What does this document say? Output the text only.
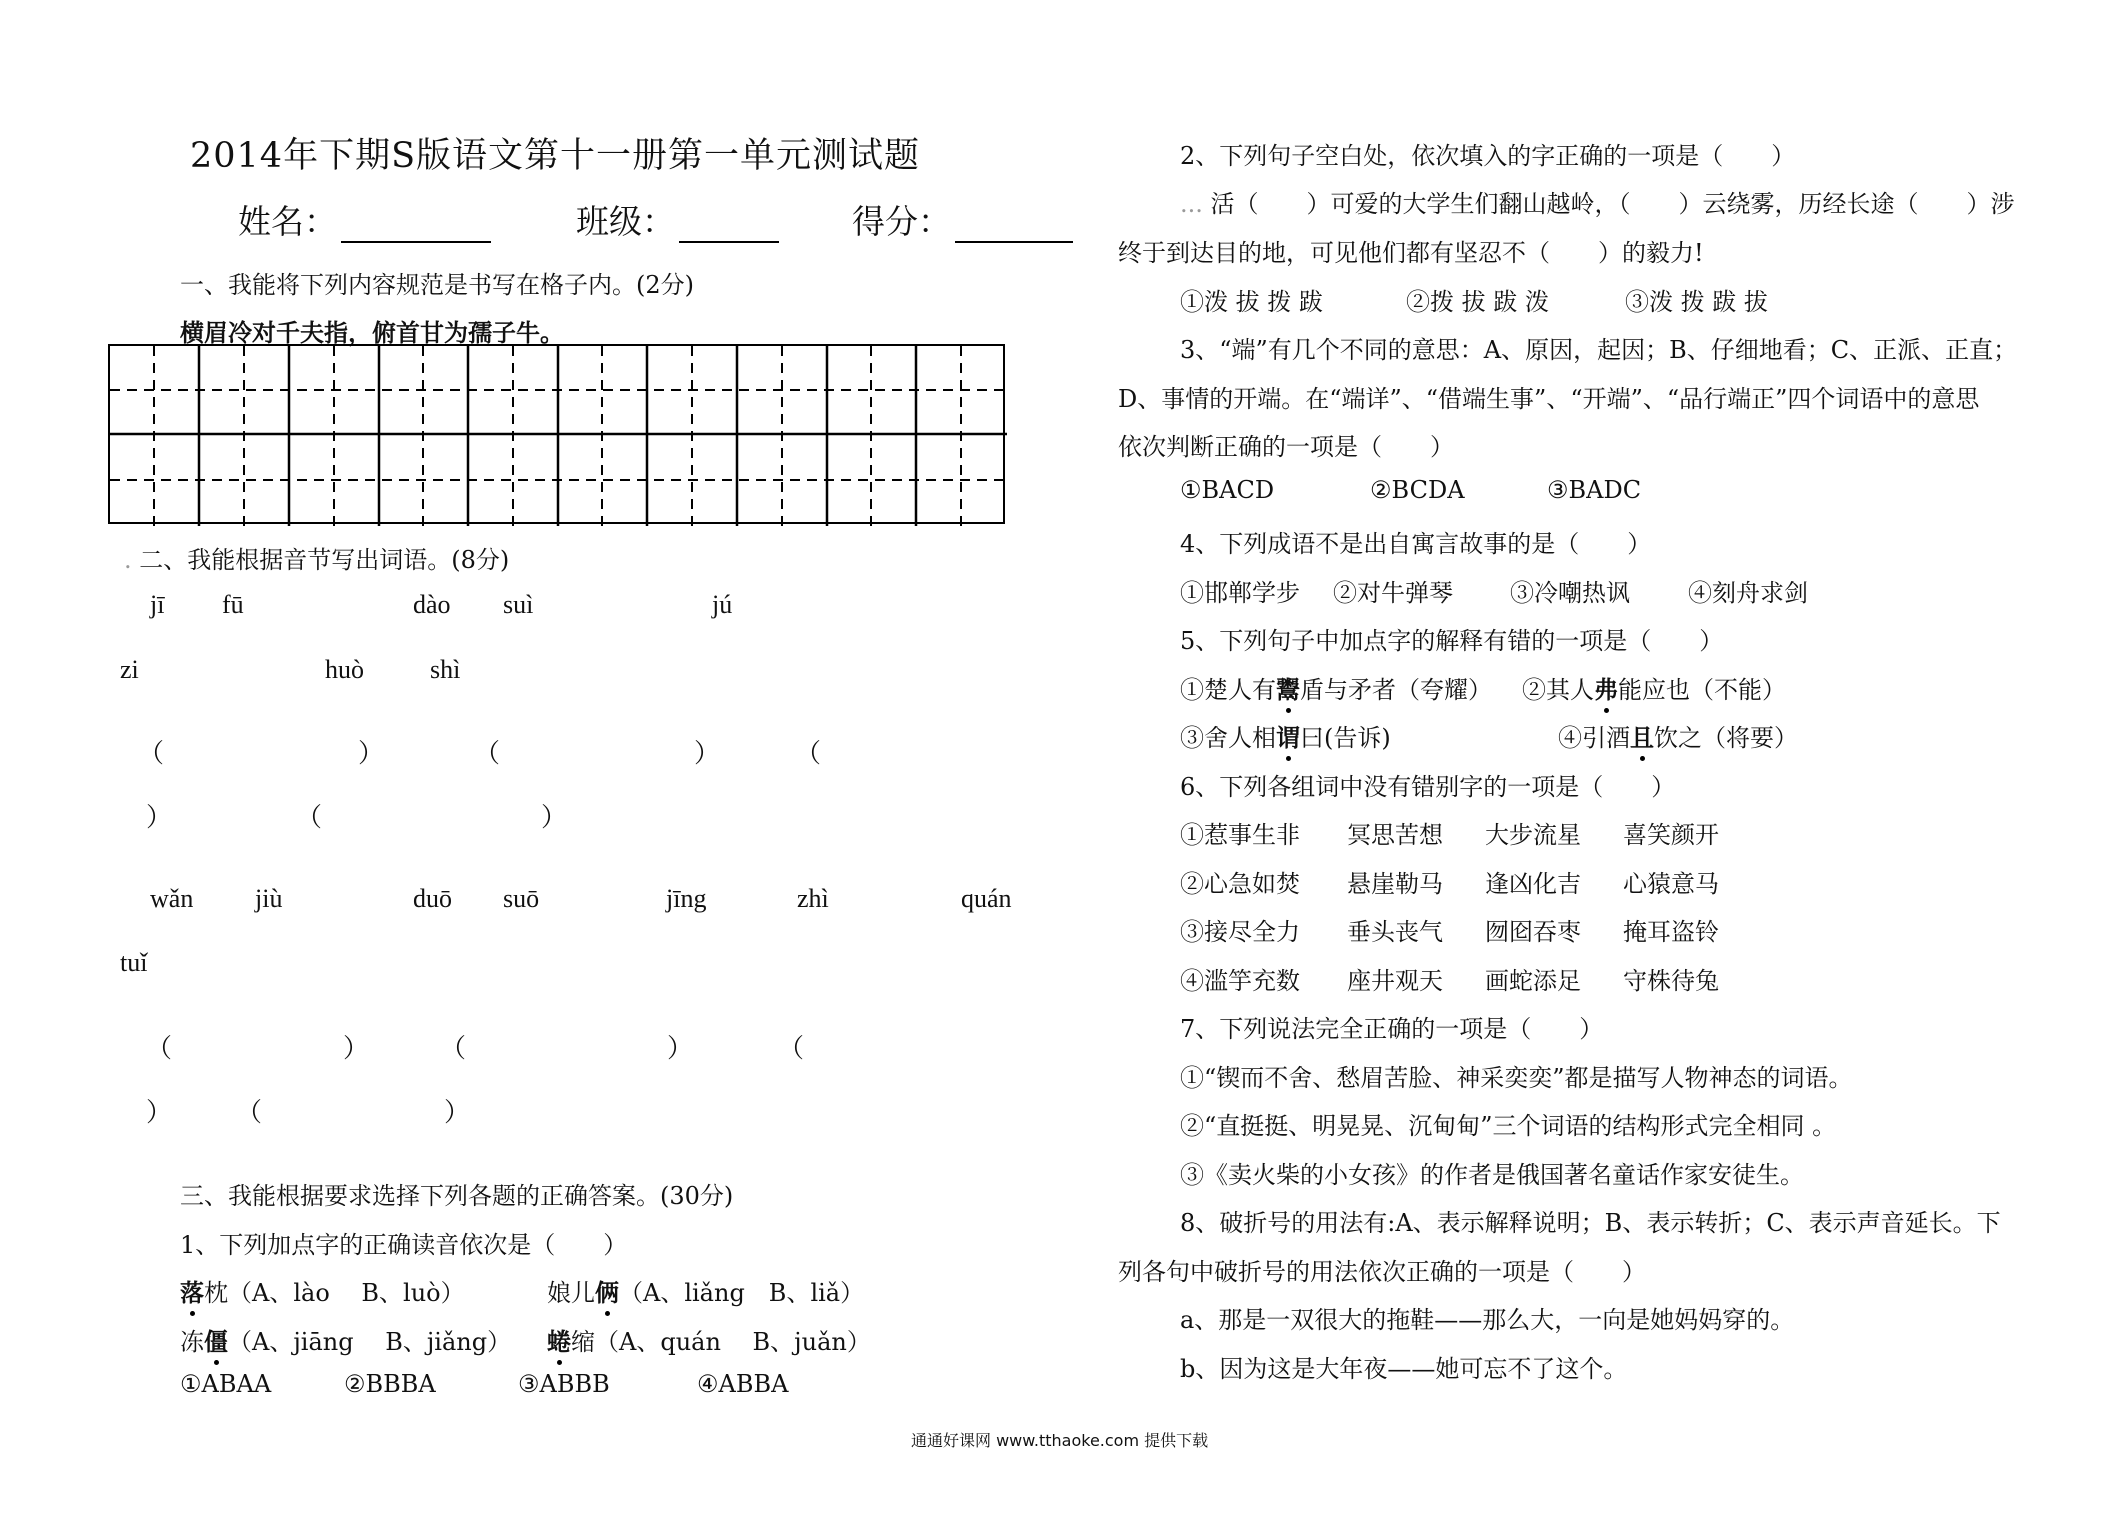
2014年下期S版语文第十一册第一单元测试题
姓名：	班级：	得分：
一、我能将下列内容规范是书写在格子内。(2分)
横眉冷对千夫指，俯首甘为孺子牛。
. 二、我能根据音节写出词语。(8分)
jī fū	dào suì	jú
zi	huò	shì
（	）	（	）	（
）	（	）
wǎn jiù	duō suō	jīng	zhì	quán
tuǐ
（	）	（	）	（
） （	）
三、我能根据要求选择下列各题的正确答案。(30分)
1、下列加点字的正确读音依次是（　　）
落枕（A、lào　 B、luò）	娘儿俩（A、liǎng　B、liǎ）
冻僵（A、jiāng　 B、jiǎng） 蜷缩（A、quán　 B、juǎn）
①ABAA	②BBBA	③ABBB	④ABBA
2、下列句子空白处，依次填入的字正确的一项是（　　）
... 活（　　）可爱的大学生们翻山越岭，（　　）云绕雾，历经长途（　　）涉
终于到达目的地，可见他们都有坚忍不（　　）的毅力!
①泼 拔 拨 跋	②拨 拔 跋 泼	③泼 拨 跋 拔
3、“端”有几个不同的意思：A、原因，起因；B、仔细地看；C、正派、正直；
D、事情的开端。在“端详”、“借端生事”、“开端”、“品行端正”四个词语中的意思
依次判断正确的一项是（　　）
①BACD	②BCDA	③BADC
4、下列成语不是出自寓言故事的是（　　）
①邯郸学步 ②对牛弹琴 ③冷嘲热讽 ④刻舟求剑
5、下列句子中加点字的解释有错的一项是（　　）
①楚人有鬻盾与矛者（夸耀） ②其人弗能应也（不能）
③舍人相谓曰(告诉)	④引酒且饮之（将要）
6、下列各组词中没有错别字的一项是（　　）
①惹事生非 冥思苦想 大步流星 喜笑颜开
②心急如焚 悬崖勒马 逢凶化吉 心猿意马
③接尽全力 垂头丧气 囫囵吞枣 掩耳盗铃
④滥竽充数 座井观天 画蛇添足 守株待兔
7、下列说法完全正确的一项是（　　）
①“锲而不舍、愁眉苦脸、神采奕奕”都是描写人物神态的词语。
②“直挺挺、明晃晃、沉甸甸”三个词语的结构形式完全相同 。
③《卖火柴的小女孩》的作者是俄国著名童话作家安徒生。
8、破折号的用法有:A、表示解释说明；B、表示转折；C、表示声音延长。下
列各句中破折号的用法依次正确的一项是（　　）
a、那是一双很大的拖鞋——那么大，一向是她妈妈穿的。
b、因为这是大年夜——她可忘不了这个。
通通好课网 www.tthaoke.com 提供下载
